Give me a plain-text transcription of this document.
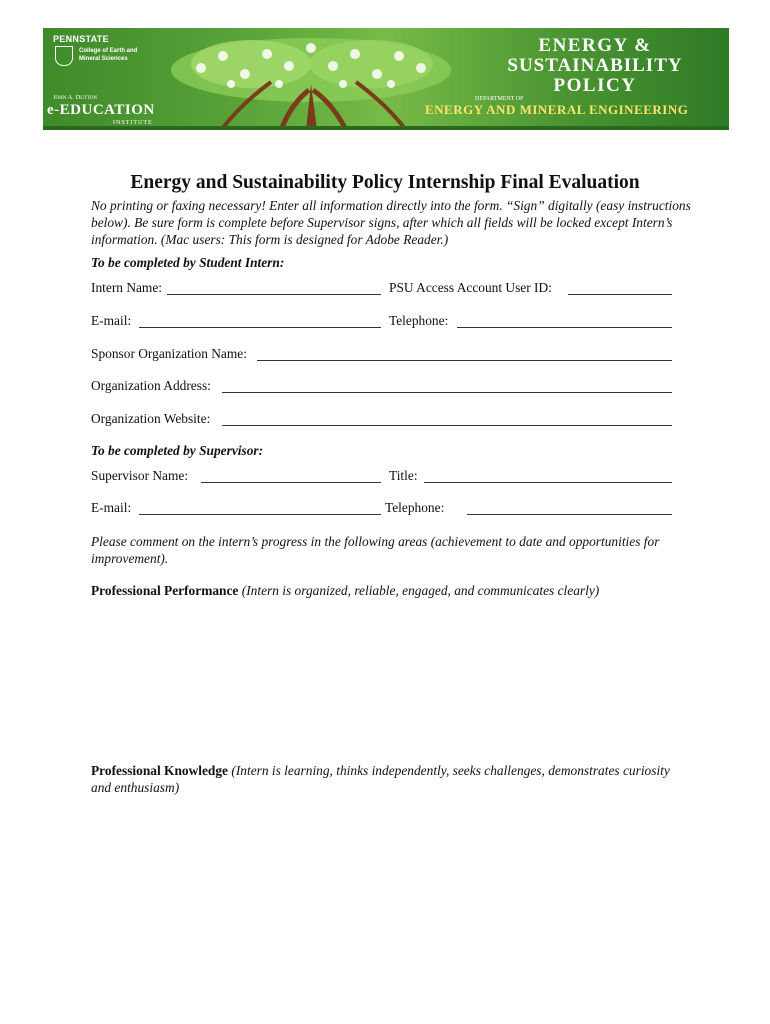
PENNSTATE
College of Earth and Mineral Sciences
John A. Dutton
e-EDUCATION
INSTITUTE
ENERGY &
SUSTAINABILITY
POLICY
DEPARTMENT OF
ENERGY AND MINERAL ENGINEERING
Energy and Sustainability Policy Internship Final Evaluation
No printing or faxing necessary! Enter all information directly into the form. “Sign” digitally (easy instructions below). Be sure form is complete before Supervisor signs, after which all fields will be locked except Intern’s information. (Mac users: This form is designed for Adobe Reader.)
To be completed by Student Intern:
Intern Name:	PSU Access Account User ID:
E-mail:	Telephone:
Sponsor Organization Name:
Organization Address:
Organization Website:
To be completed by Supervisor:
Supervisor Name:	Title:
E-mail:	Telephone:
Please comment on the intern’s progress in the following areas (achievement to date and opportunities for improvement).
Professional Performance (Intern is organized, reliable, engaged, and communicates clearly)
Professional Knowledge (Intern is learning, thinks independently, seeks challenges, demonstrates curiosity and enthusiasm)
